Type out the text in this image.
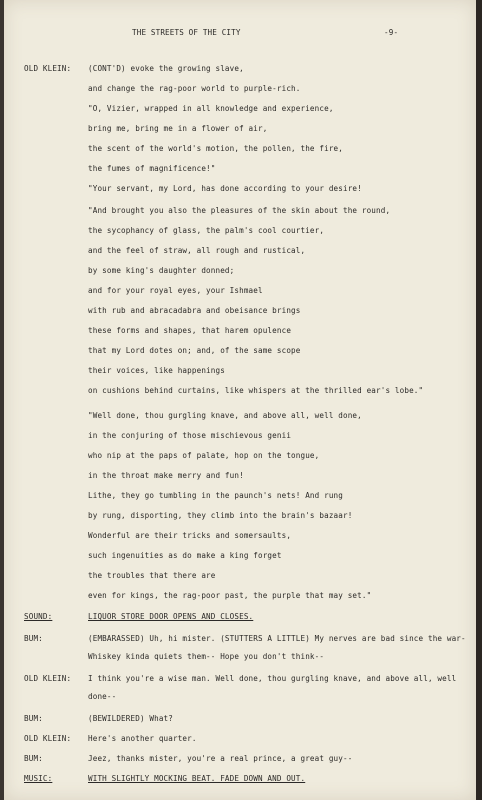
THE STREETS OF THE CITY	-9-
OLD KLEIN: (CONT'D) evoke the growing slave,
and change the rag-poor world to purple-rich.
"O, Vizier, wrapped in all knowledge and experience,
bring me, bring me in a flower of air,
the scent of the world's motion, the pollen, the fire,
the fumes of magnificence!"
"Your servant, my Lord, has done according to your desire!
"And brought you also the pleasures of the skin about the round,
the sycophancy of glass, the palm's cool courtier,
and the feel of straw, all rough and rustical,
by some king's daughter donned;
and for your royal eyes, your Ishmael
with rub and abracadabra and obeisance brings
these forms and shapes, that harem opulence
that my Lord dotes on; and, of the same scope
their voices, like happenings
on cushions behind curtains, like whispers at the thrilled ear's lobe."
"Well done, thou gurgling knave, and above all, well done,
in the conjuring of those mischievous genii
who nip at the paps of palate, hop on the tongue,
in the throat make merry and fun!
Lithe, they go tumbling in the paunch's nets! And rung
by rung, disporting, they climb into the brain's bazaar!
Wonderful are their tricks and somersaults,
such ingenuities as do make a king forget
the troubles that there are
even for kings, the rag-poor past, the purple that may set."
SOUND:	LIQUOR STORE DOOR OPENS AND CLOSES.
BUM:	(EMBARASSED) Uh, hi mister. (STUTTERS A LITTLE) My nerves are bad since the war-
Whiskey kinda quiets them-- Hope you don't think--
OLD KLEIN: I think you're a wise man. Well done, thou gurgling knave, and above all, well
done--
BUM:	(BEWILDERED) What?
OLD KLEIN: Here's another quarter.
BUM:	Jeez, thanks mister, you're a real prince, a great guy--
MUSIC:	WITH SLIGHTLY MOCKING BEAT. FADE DOWN AND OUT.
